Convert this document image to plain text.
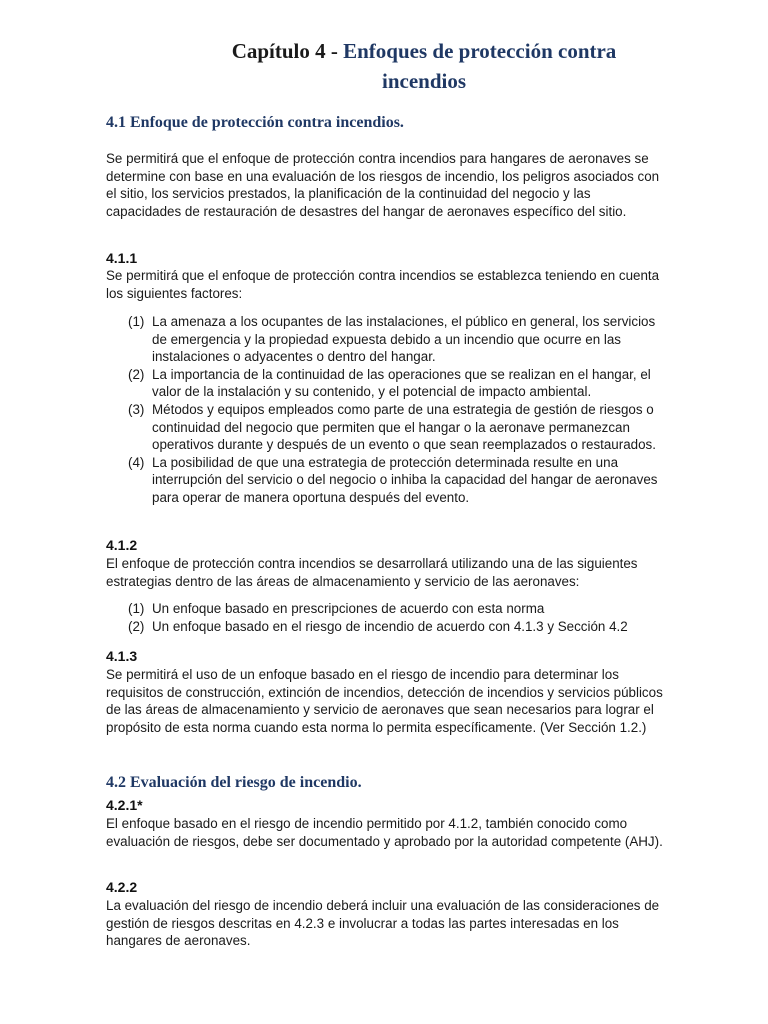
Capítulo 4 - Enfoques de protección contra incendios
4.1 Enfoque de protección contra incendios.

Se permitirá que el enfoque de protección contra incendios para hangares de aeronaves se determine con base en una evaluación de los riesgos de incendio, los peligros asociados con el sitio, los servicios prestados, la planificación de la continuidad del negocio y las capacidades de restauración de desastres del hangar de aeronaves específico del sitio.

4.1.1

Se permitirá que el enfoque de protección contra incendios se establezca teniendo en cuenta los siguientes factores:

(1) La amenaza a los ocupantes de las instalaciones, el público en general, los servicios de emergencia y la propiedad expuesta debido a un incendio que ocurre en las instalaciones o adyacentes o dentro del hangar.
(2) La importancia de la continuidad de las operaciones que se realizan en el hangar, el valor de la instalación y su contenido, y el potencial de impacto ambiental.
(3) Métodos y equipos empleados como parte de una estrategia de gestión de riesgos o continuidad del negocio que permiten que el hangar o la aeronave permanezcan operativos durante y después de un evento o que sean reemplazados o restaurados.
(4) La posibilidad de que una estrategia de protección determinada resulte en una interrupción del servicio o del negocio o inhiba la capacidad del hangar de aeronaves para operar de manera oportuna después del evento.
4.1.2

El enfoque de protección contra incendios se desarrollará utilizando una de las siguientes estrategias dentro de las áreas de almacenamiento y servicio de las aeronaves:

(1) Un enfoque basado en prescripciones de acuerdo con esta norma
(2) Un enfoque basado en el riesgo de incendio de acuerdo con 4.1.3 y Sección 4.2
4.1.3

Se permitirá el uso de un enfoque basado en el riesgo de incendio para determinar los requisitos de construcción, extinción de incendios, detección de incendios y servicios públicos de las áreas de almacenamiento y servicio de aeronaves que sean necesarios para lograr el propósito de esta norma cuando esta norma lo permita específicamente. (Ver Sección 1.2.)

4.2 Evaluación del riesgo de incendio.
4.2.1*

El enfoque basado en el riesgo de incendio permitido por 4.1.2, también conocido como evaluación de riesgos, debe ser documentado y aprobado por la autoridad competente (AHJ).

4.2.2

La evaluación del riesgo de incendio deberá incluir una evaluación de las consideraciones de gestión de riesgos descritas en 4.2.3 e involucrar a todas las partes interesadas en los hangares de aeronaves.
